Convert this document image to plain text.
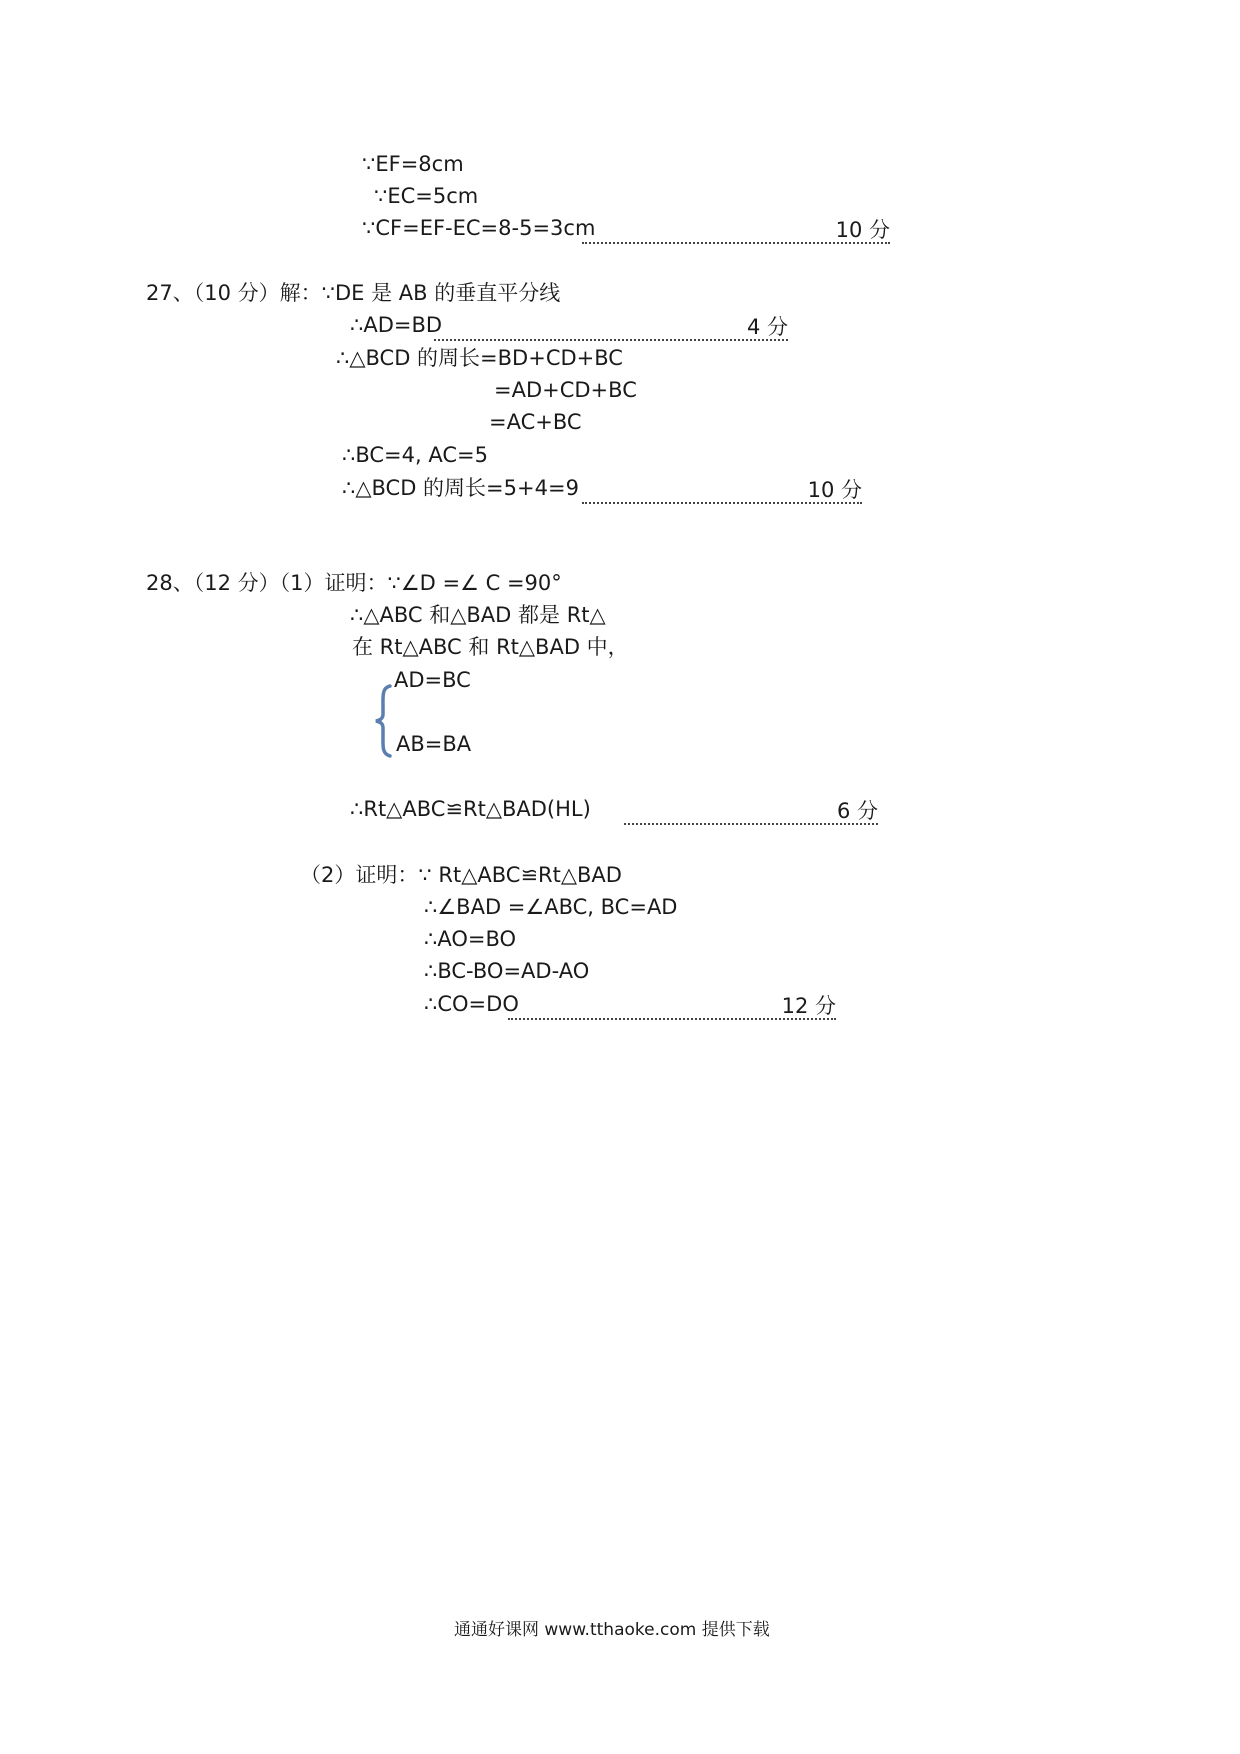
∵EF=8cm
∵EC=5cm
∵CF=EF-EC=8-5=3cm	10 分
27、（10 分）解：∵DE 是 AB 的垂直平分线
∴AD=BD	4 分
∴△BCD 的周长=BD+CD+BC
=AD+CD+BC
=AC+BC
∴BC=4, AC=5
∴△BCD 的周长=5+4=9	10 分
28、（12 分）（1）证明：∵∠D =∠ C =90°
∴△ABC 和△BAD 都是 Rt△
在 Rt△ABC 和 Rt△BAD 中，
AD=BC
AB=BA
∴Rt△ABC≌Rt△BAD(HL)	6 分
（2）证明：∵ Rt△ABC≌Rt△BAD
∴∠BAD =∠ABC, BC=AD
∴AO=BO
∴BC-BO=AD-AO
∴CO=DO	12 分
通通好课网 www.tthaoke.com 提供下载
